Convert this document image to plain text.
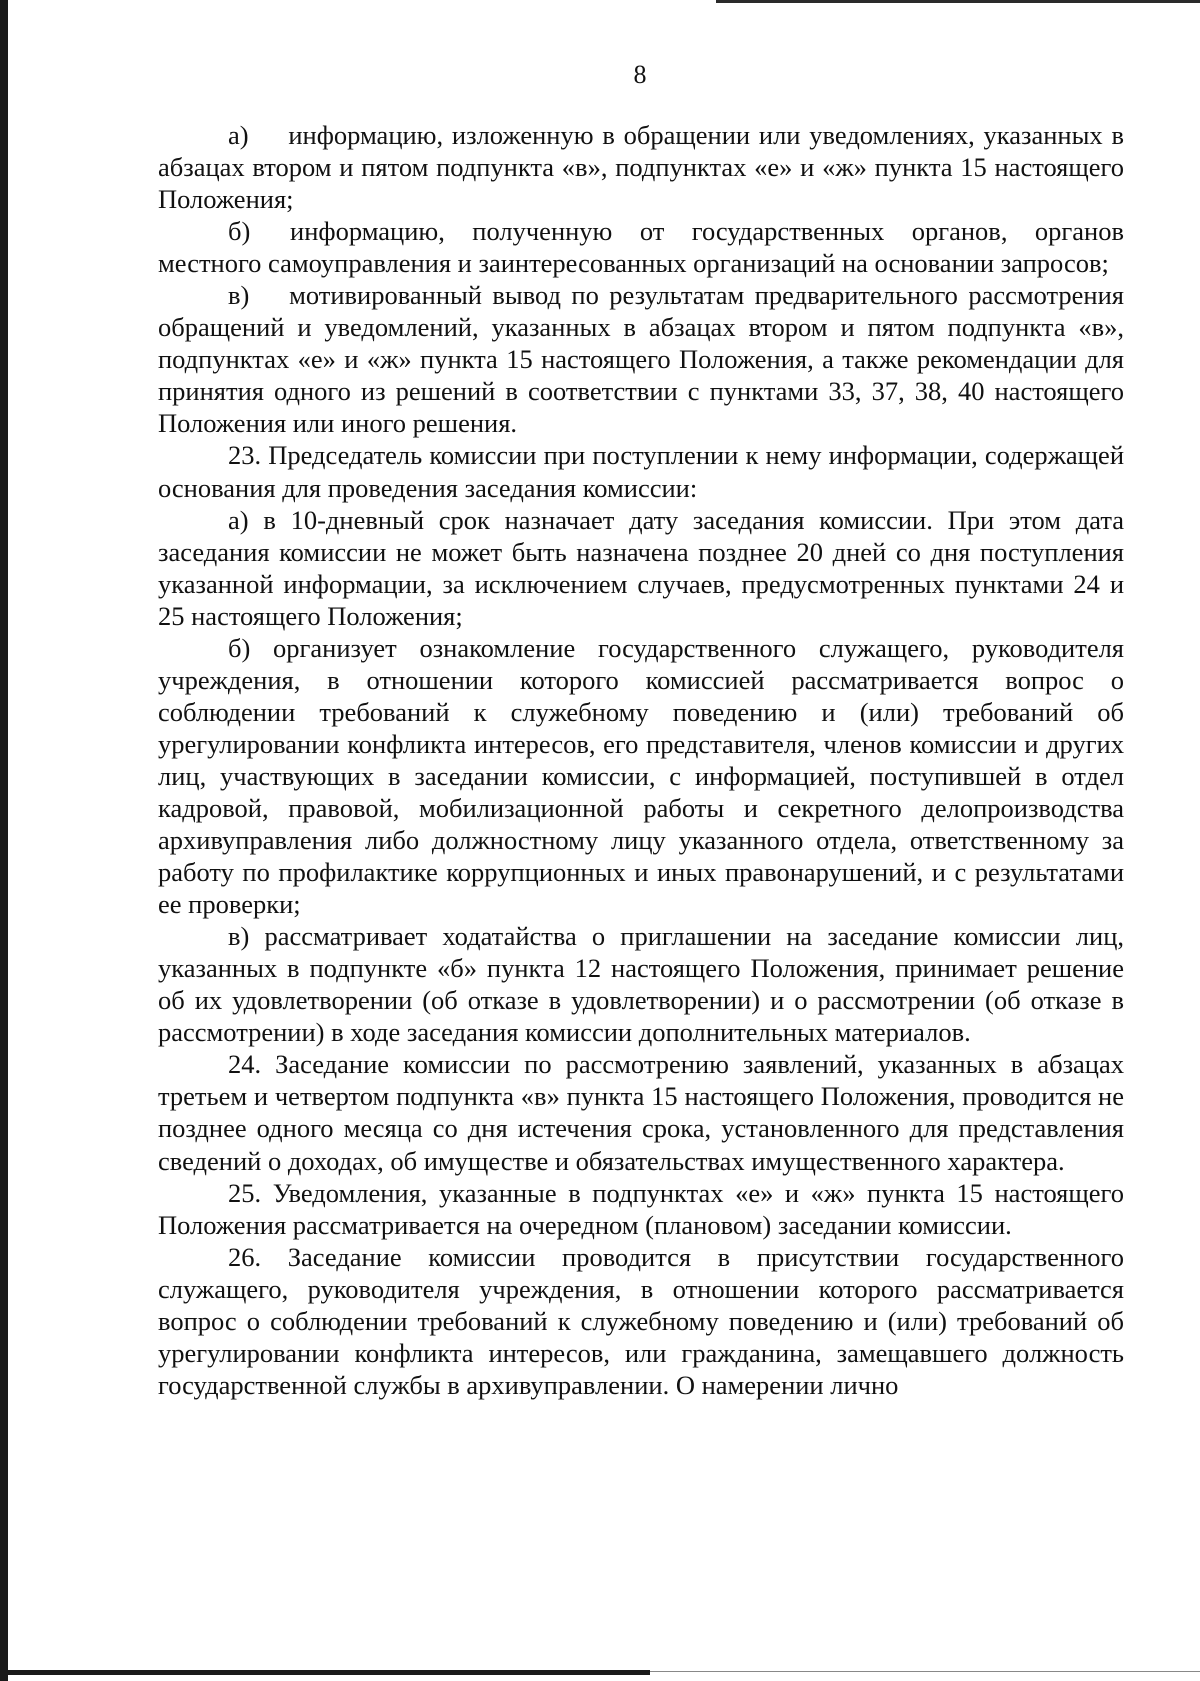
8

а)  информацию, изложенную в обращении или уведомлениях, указанных в абзацах втором и пятом подпункта «в», подпунктах «е» и «ж» пункта 15 настоящего Положения;

б)  информацию, полученную от государственных органов, органов местного самоуправления и заинтересованных организаций на основании запросов;

в)  мотивированный вывод по результатам предварительного рассмотрения обращений и уведомлений, указанных в абзацах втором и пятом подпункта «в», подпунктах «е» и «ж» пункта 15 настоящего Положения, а также рекомендации для принятия одного из решений в соответствии с пунктами 33, 37, 38, 40 настоящего Положения или иного решения.

23. Председатель комиссии при поступлении к нему информации, содержащей основания для проведения заседания комиссии:

а) в 10-дневный срок назначает дату заседания комиссии. При этом дата заседания комиссии не может быть назначена позднее 20 дней со дня поступления указанной информации, за исключением случаев, предусмотренных пунктами 24 и 25 настоящего Положения;

б) организует ознакомление государственного служащего, руководителя учреждения, в отношении которого комиссией рассматривается вопрос о соблюдении требований к служебному поведению и (или) требований об урегулировании конфликта интересов, его представителя, членов комиссии и других лиц, участвующих в заседании комиссии, с информацией, поступившей в отдел кадровой, правовой, мобилизационной работы и секретного делопроизводства архивуправления либо должностному лицу указанного отдела, ответственному за работу по профилактике коррупционных и иных правонарушений, и с результатами ее проверки;

в) рассматривает ходатайства о приглашении на заседание комиссии лиц, указанных в подпункте «б» пункта 12 настоящего Положения, принимает решение об их удовлетворении (об отказе в удовлетворении) и о рассмотрении (об отказе в рассмотрении) в ходе заседания комиссии дополнительных материалов.

24. Заседание комиссии по рассмотрению заявлений, указанных в абзацах третьем и четвертом подпункта «в» пункта 15 настоящего Положения, проводится не позднее одного месяца со дня истечения срока, установленного для представления сведений о доходах, об имуществе и обязательствах имущественного характера.

25. Уведомления, указанные в подпунктах «е» и «ж» пункта 15 настоящего Положения рассматривается на очередном (плановом) заседании комиссии.

26. Заседание комиссии проводится в присутствии государственного служащего, руководителя учреждения, в отношении которого рассматривается вопрос о соблюдении требований к служебному поведению и (или) требований об урегулировании конфликта интересов, или гражданина, замещавшего должность государственной службы в архивуправлении. О намерении лично
